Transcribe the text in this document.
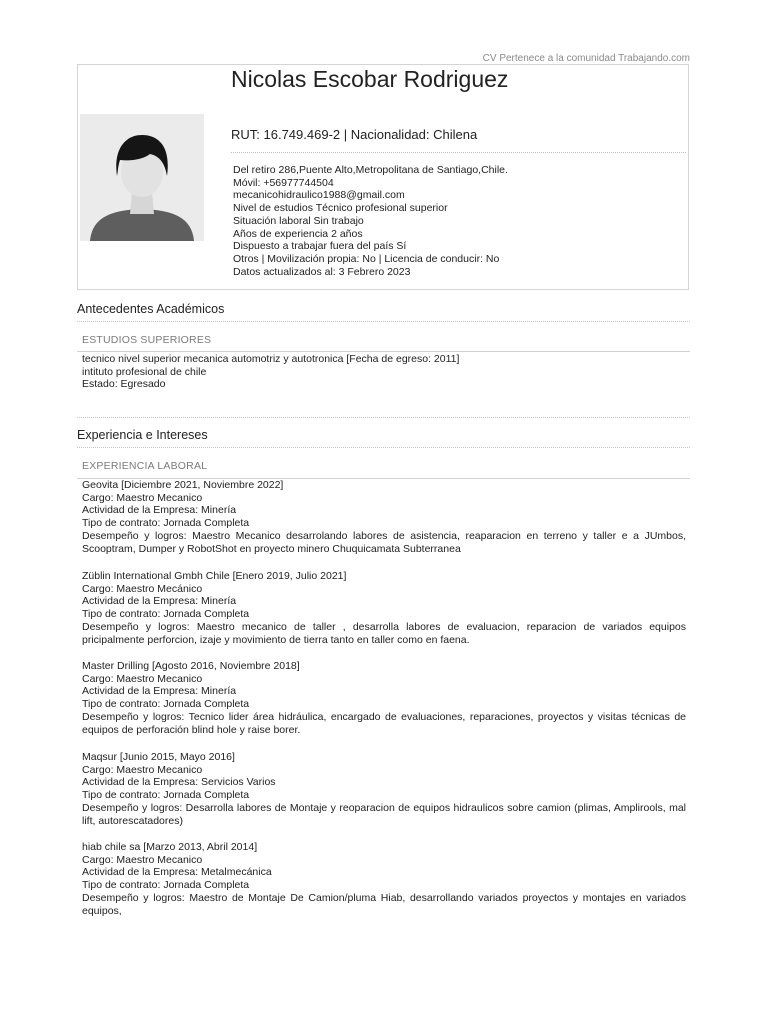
CV Pertenece a la comunidad Trabajando.com
Nicolas Escobar Rodriguez
RUT: 16.749.469-2 | Nacionalidad: Chilena
Del retiro 286,Puente Alto,Metropolitana de Santiago,Chile.
Móvil: +56977744504
mecanicohidraulico1988@gmail.com
Nivel de estudios Técnico profesional superior
Situación laboral Sin trabajo
Años de experiencia 2 años
Dispuesto a trabajar fuera del país Sí
Otros | Movilización propia: No | Licencia de conducir: No
Datos actualizados al: 3 Febrero 2023
Antecedentes Académicos
ESTUDIOS SUPERIORES
tecnico nivel superior mecanica automotriz y autotronica [Fecha de egreso: 2011]
intituto profesional de chile
Estado: Egresado
Experiencia e Intereses
EXPERIENCIA LABORAL
Geovita [Diciembre 2021, Noviembre 2022]
Cargo: Maestro Mecanico
Actividad de la Empresa: Minería
Tipo de contrato: Jornada Completa
Desempeño y logros: Maestro Mecanico desarrolando labores de asistencia, reaparacion en terreno y taller e a JUmbos, Scooptram, Dumper y RobotShot en proyecto minero Chuquicamata Subterranea
Züblin International Gmbh Chile [Enero 2019, Julio 2021]
Cargo: Maestro Mecánico
Actividad de la Empresa: Minería
Tipo de contrato: Jornada Completa
Desempeño y logros: Maestro mecanico de taller , desarrolla labores de evaluacion, reparacion de variados equipos pricipalmente perforcion, izaje y movimiento de tierra tanto en taller como en faena.
Master Drilling [Agosto 2016, Noviembre 2018]
Cargo: Maestro Mecanico
Actividad de la Empresa: Minería
Tipo de contrato: Jornada Completa
Desempeño y logros: Tecnico lider área hidráulica, encargado de evaluaciones, reparaciones, proyectos y visitas técnicas de equipos de perforación blind hole y raise borer.
Maqsur [Junio 2015, Mayo 2016]
Cargo: Maestro Mecanico
Actividad de la Empresa: Servicios Varios
Tipo de contrato: Jornada Completa
Desempeño y logros: Desarrolla labores de Montaje y reoparacion de equipos hidraulicos sobre camion (plimas, Amplirools, mal lift, autorescatadores)
hiab chile sa [Marzo 2013, Abril 2014]
Cargo: Maestro Mecanico
Actividad de la Empresa: Metalmecánica
Tipo de contrato: Jornada Completa
Desempeño y logros: Maestro de Montaje De Camion/pluma Hiab, desarrollando variados proyectos y montajes en variados equipos,
